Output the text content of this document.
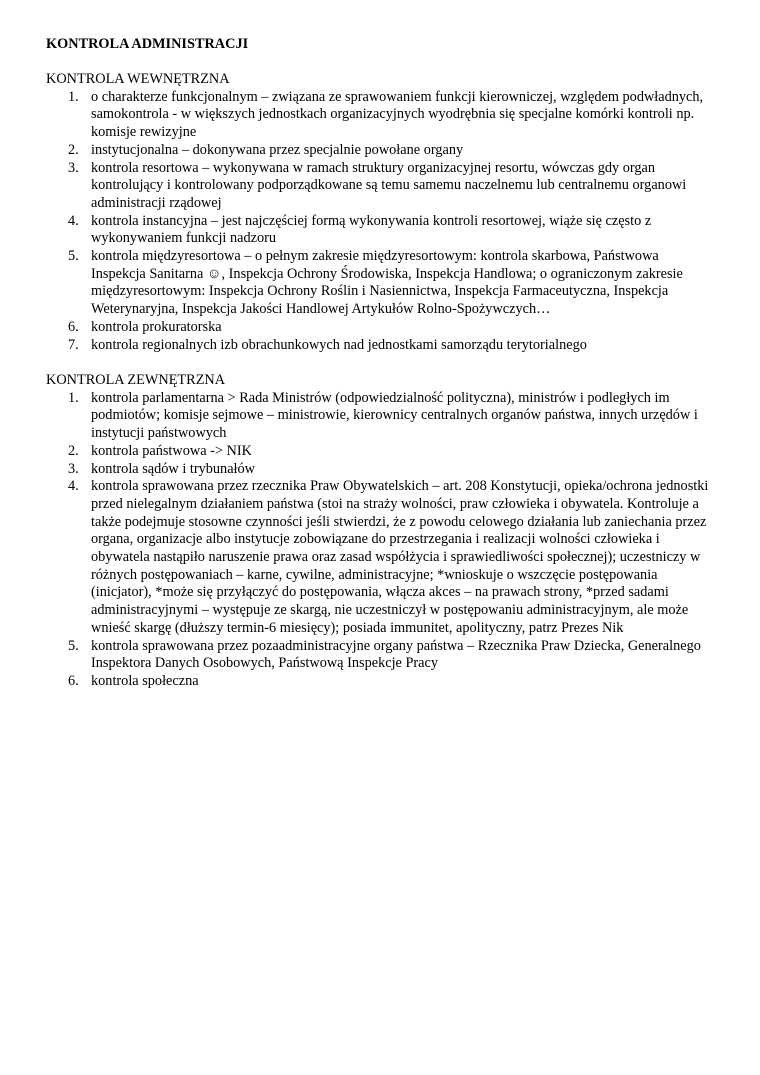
KONTROLA ADMINISTRACJI

KONTROLA WEWNĘTRZNA

1. o charakterze funkcjonalnym – związana ze sprawowaniem funkcji kierowniczej, względem podwładnych, samokontrola - w większych jednostkach organizacyjnych wyodrębnia się specjalne komórki kontroli np. komisje rewizyjne
2. instytucjonalna – dokonywana przez specjalnie powołane organy
3. kontrola resortowa – wykonywana w ramach struktury organizacyjnej resortu, wówczas gdy organ kontrolujący i kontrolowany podporządkowane są temu samemu naczelnemu lub centralnemu organowi administracji rządowej
4. kontrola instancyjna – jest najczęściej formą wykonywania kontroli resortowej, wiąże się często z wykonywaniem funkcji nadzoru
5. kontrola międzyresortowa – o pełnym zakresie międzyresortowym: kontrola skarbowa, Państwowa Inspekcja Sanitarna ☺, Inspekcja Ochrony Środowiska, Inspekcja Handlowa; o ograniczonym zakresie międzyresortowym: Inspekcja Ochrony Roślin i Nasiennictwa, Inspekcja Farmaceutyczna, Inspekcja Weterynaryjna, Inspekcja Jakości Handlowej Artykułów Rolno-Spożywczych…
6. kontrola prokuratorska
7. kontrola regionalnych izb obrachunkowych nad jednostkami samorządu terytorialnego

KONTROLA ZEWNĘTRZNA

1. kontrola parlamentarna > Rada Ministrów (odpowiedzialność polityczna), ministrów i podległych im podmiotów; komisje sejmowe – ministrowie, kierownicy centralnych organów państwa, innych urzędów i instytucji państwowych
2. kontrola państwowa -> NIK
3. kontrola sądów i trybunałów
4. kontrola sprawowana przez rzecznika Praw Obywatelskich – art. 208 Konstytucji, opieka/ochrona jednostki przed nielegalnym działaniem państwa (stoi na straży wolności, praw człowieka i obywatela. Kontroluje a także podejmuje stosowne czynności jeśli stwierdzi, że z powodu celowego działania lub zaniechania przez organa, organizacje albo instytucje zobowiązane do przestrzegania i realizacji wolności człowieka i obywatela nastąpiło naruszenie prawa oraz zasad współżycia i sprawiedliwości społecznej); uczestniczy w różnych postępowaniach – karne, cywilne, administracyjne; *wnioskuje o wszczęcie postępowania (inicjator), *może się przyłączyć do postępowania, włącza akces – na prawach strony, *przed sadami administracyjnymi – występuje ze skargą, nie uczestniczył w postępowaniu administracyjnym, ale może wnieść skargę (dłuższy termin-6 miesięcy); posiada immunitet, apolityczny, patrz Prezes Nik
5. kontrola sprawowana przez pozaadministracyjne organy państwa – Rzecznika Praw Dziecka, Generalnego Inspektora Danych Osobowych, Państwową Inspekcje Pracy
6. kontrola społeczna
